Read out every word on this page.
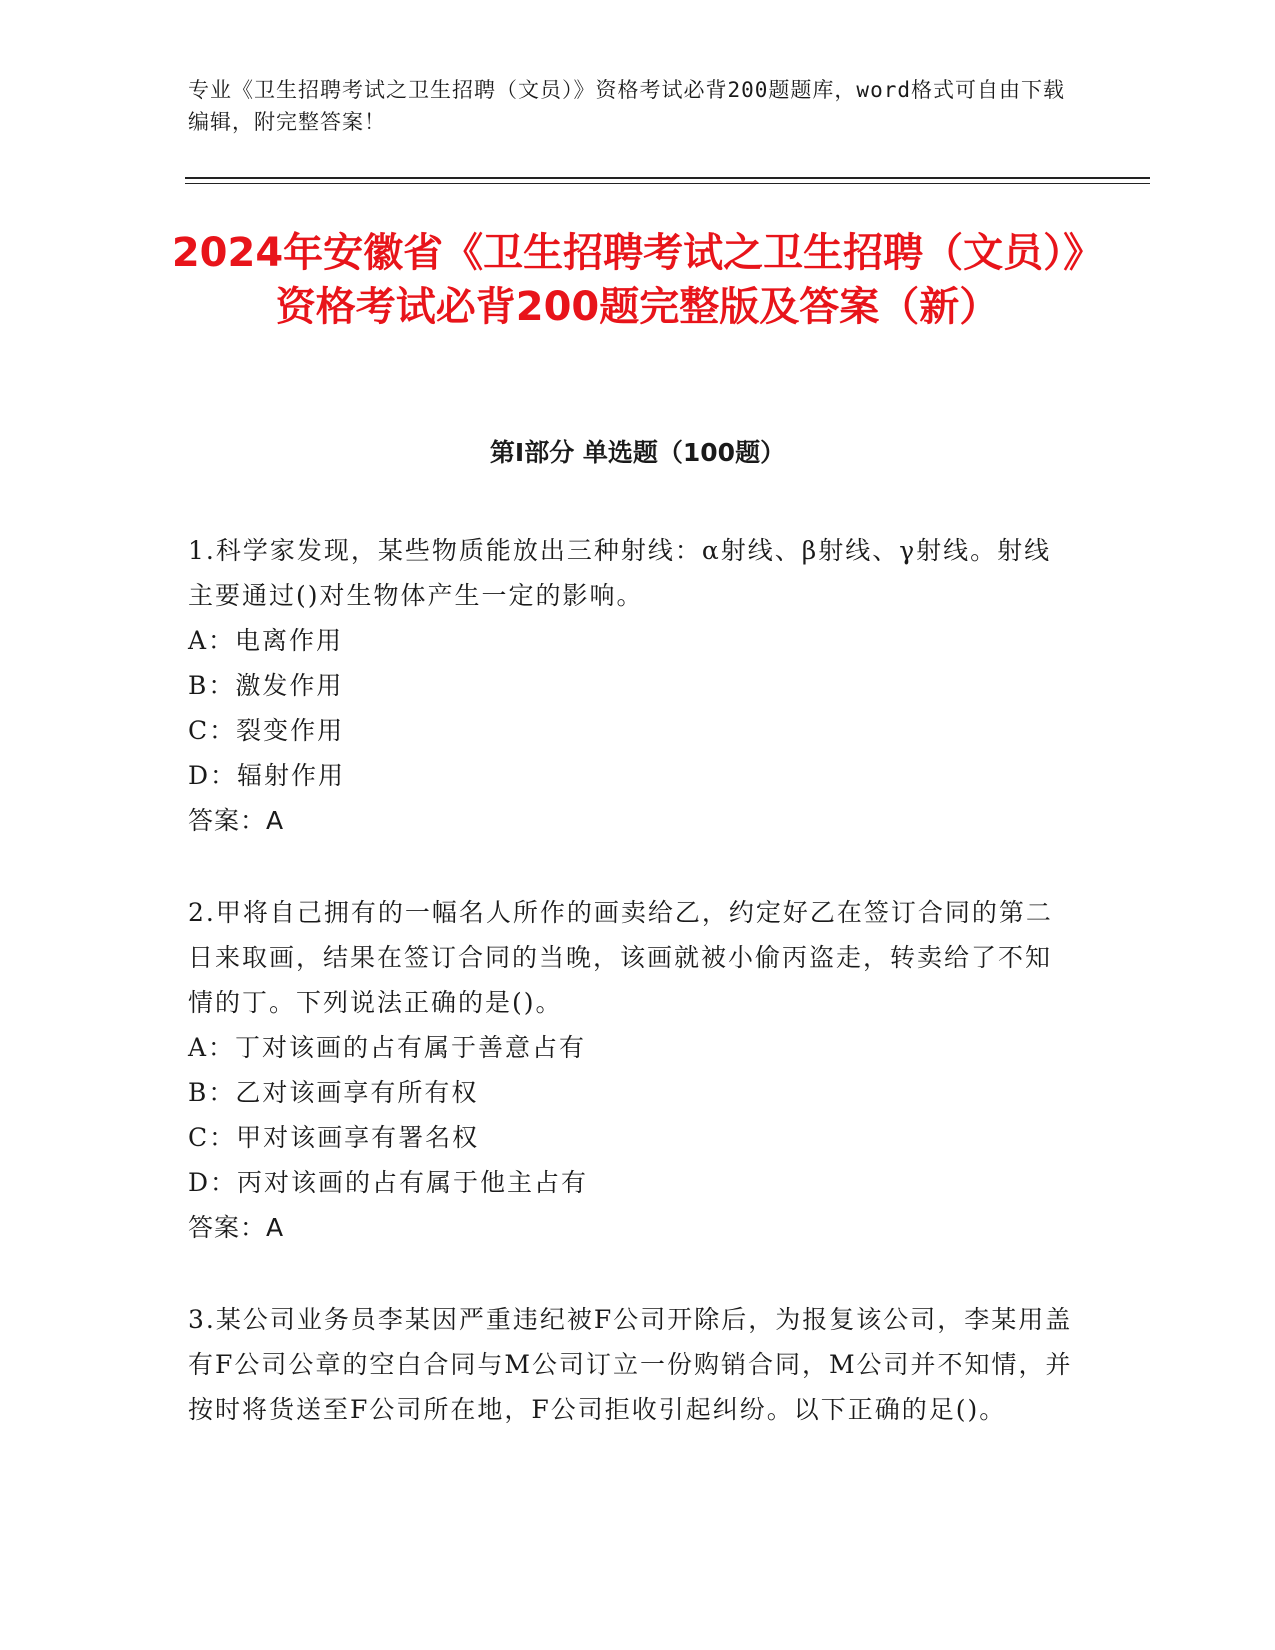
专业《卫生招聘考试之卫生招聘（文员）》资格考试必背200题题库，word格式可自由下载编辑，附完整答案！
2024年安徽省《卫生招聘考试之卫生招聘（文员）》资格考试必背200题完整版及答案（新）
第I部分 单选题（100题）
1.科学家发现，某些物质能放出三种射线：α射线、β射线、γ射线。射线主要通过()对生物体产生一定的影响。
A：电离作用
B：激发作用
C：裂变作用
D：辐射作用
答案：A
2.甲将自己拥有的一幅名人所作的画卖给乙，约定好乙在签订合同的第二日来取画，结果在签订合同的当晚，该画就被小偷丙盗走，转卖给了不知情的丁。下列说法正确的是()。
A：丁对该画的占有属于善意占有
B：乙对该画享有所有权
C：甲对该画享有署名权
D：丙对该画的占有属于他主占有
答案：A
3.某公司业务员李某因严重违纪被F公司开除后，为报复该公司，李某用盖有F公司公章的空白合同与M公司订立一份购销合同，M公司并不知情，并按时将货送至F公司所在地，F公司拒收引起纠纷。以下正确的足()。
